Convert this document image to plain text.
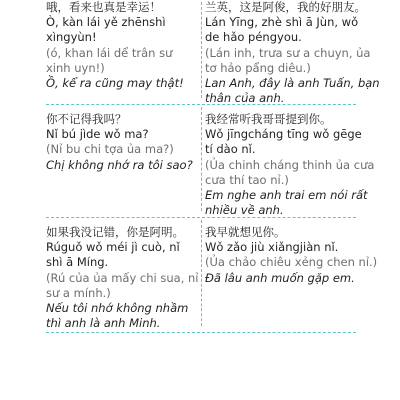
哦，看来也真是幸运！
Ò, kàn lái yě zhēnshì
xìngyùn!
(ó, khan lái dể trân sư
xinh uyn!)
Ồ, kể ra cũng may thật!
兰英，这是阿俊，我的好朋友。
Lán Yīng, zhè shì ā Jùn, wǒ
de hǎo péngyou.
(Lán inh, trưa sư a chuyn, ủa
tơ hảo pẩng diêu.)
Lan Anh, đây là anh Tuấn, bạn
thân của anh.
你不记得我吗？
Nǐ bú jìde wǒ ma?
(Nỉ bu chi tợa ủa ma?)
Chị không nhớ ra tôi sao?
我经常听我哥哥提到你。
Wǒ jīngcháng tīng wǒ gēge
tí dào nǐ.
(Ủa chinh cháng thinh ủa cưa
cưa thí tao nỉ.)
Em nghe anh trai em nói rất
nhiều về anh.
如果我没记错，你是阿明。
Rúguǒ wǒ méi jì cuò, nǐ
shì ā Míng.
(Rú của ủa mấy chi sua, nỉ
sư a mính.)
Nếu tôi nhớ không nhầm
thì anh là anh Minh.
我早就想见你。
Wǒ zǎo jiù xiǎngjiàn nǐ.
(Ủa chảo chiêu xẻng chen nỉ.)
Đã lâu anh muốn gặp em.
